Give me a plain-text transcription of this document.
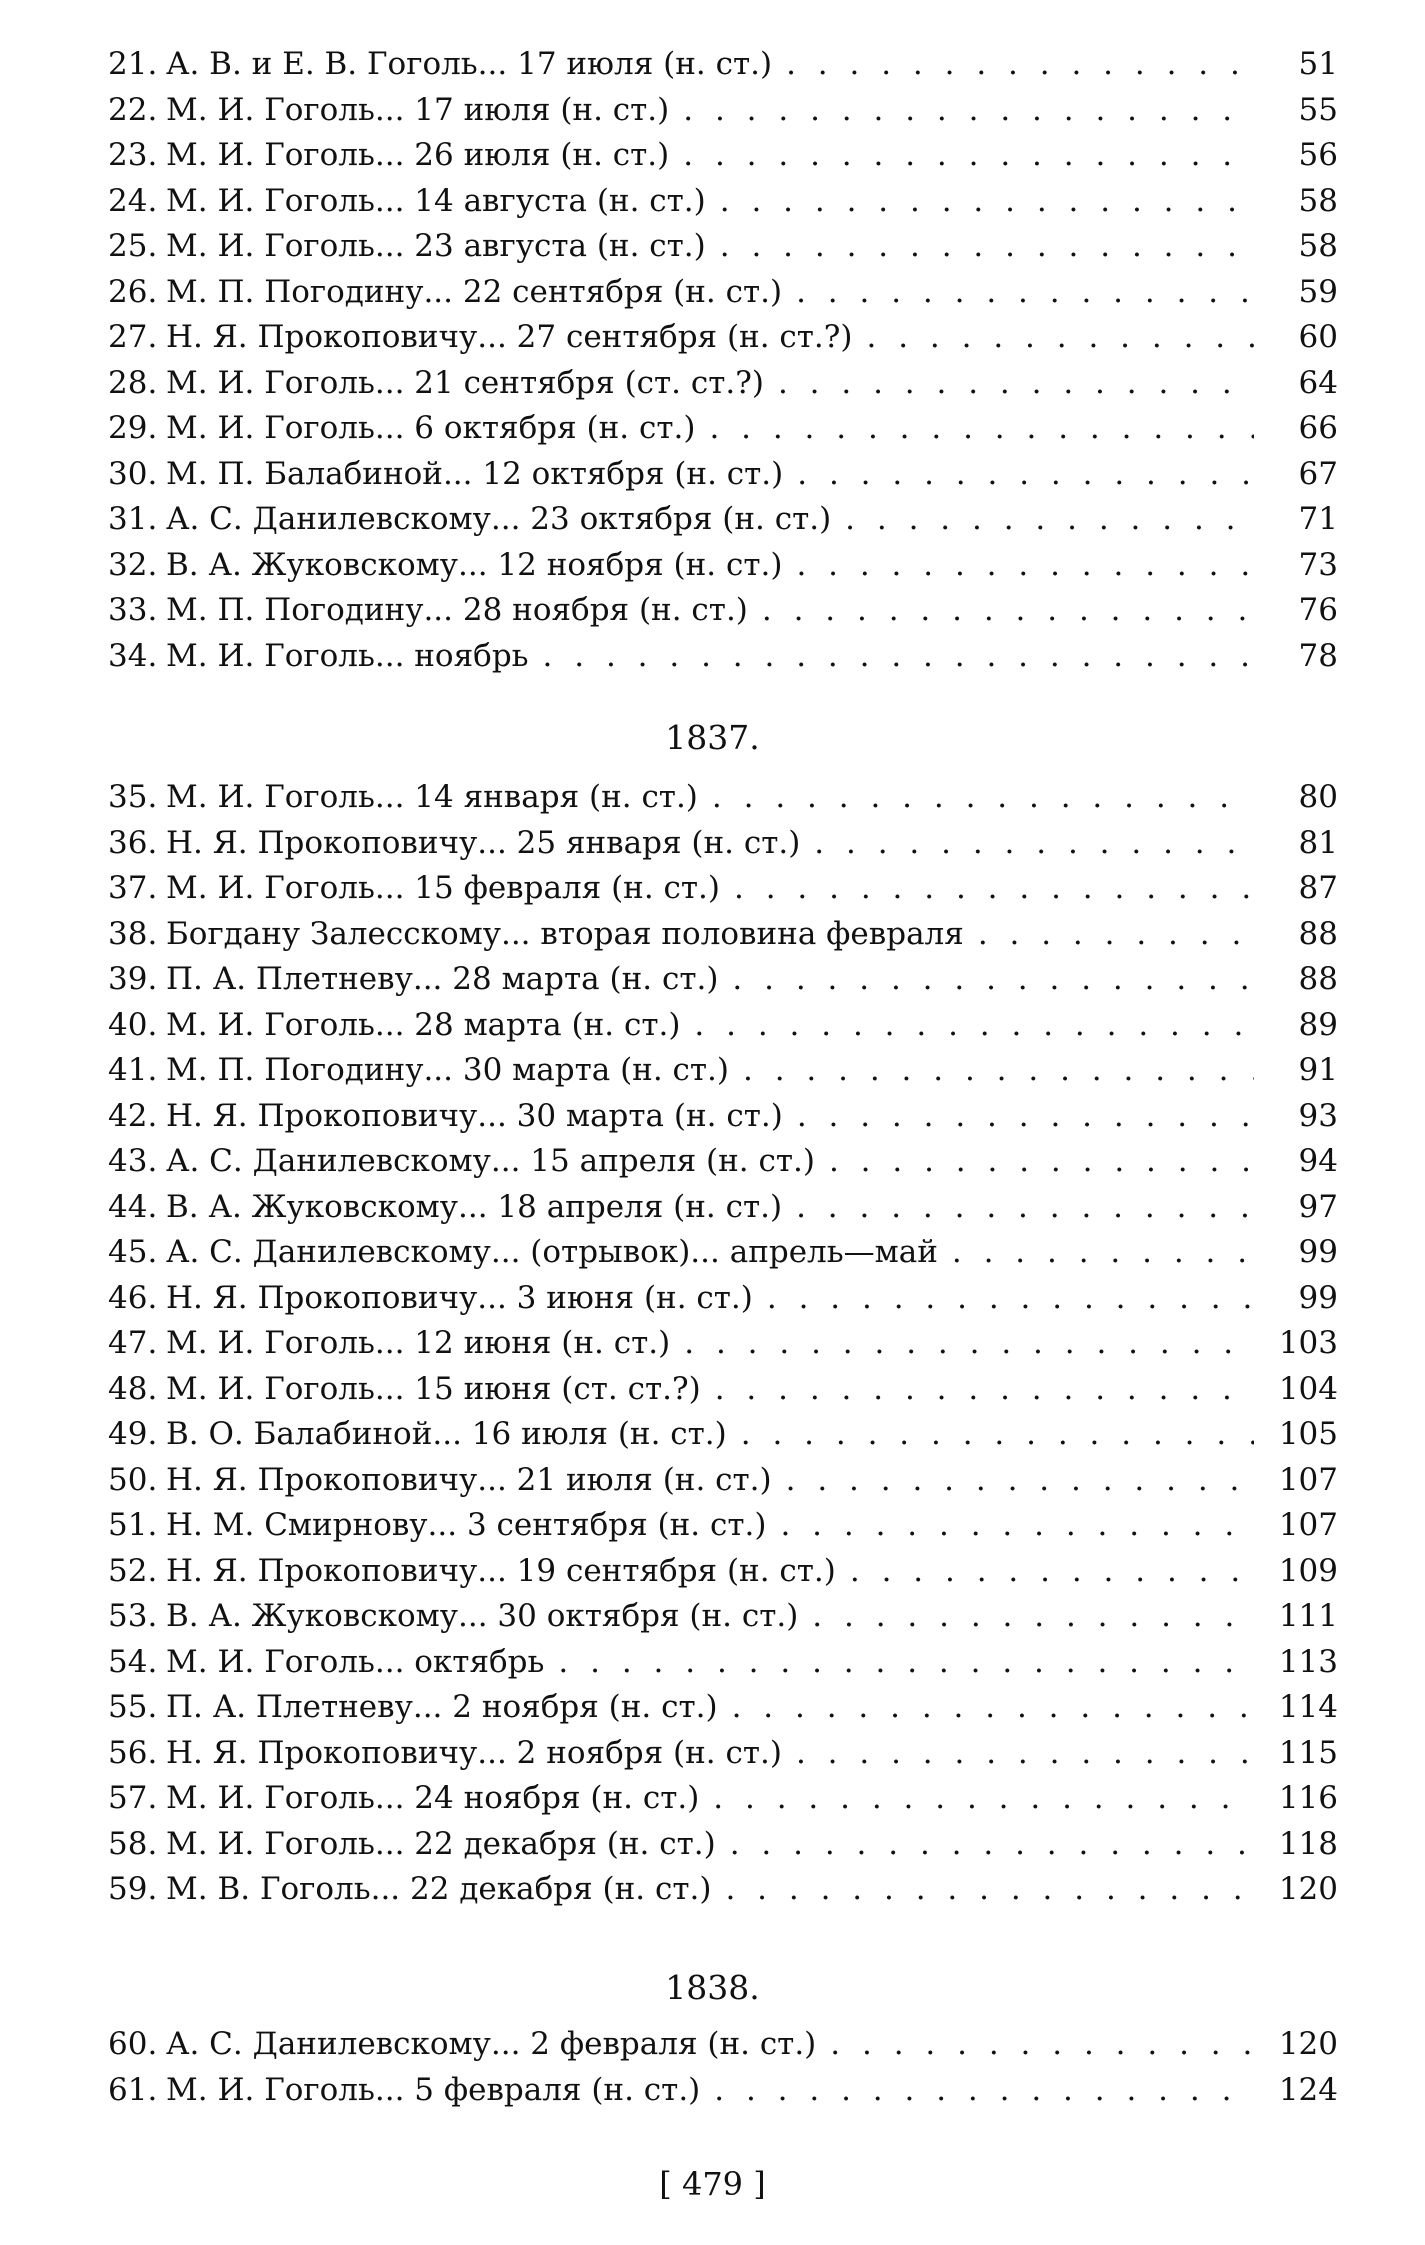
21. А. В. и Е. В. Гоголь... 17 июля (н. ст.) . . .	51
22. М. И. Гоголь... 17 июля (н. ст.) . . .	55
23. М. И. Гоголь... 26 июля (н. ст.) . . .	56
24. М. И. Гоголь... 14 августа (н. ст.) . . .	58
25. М. И. Гоголь... 23 августа (н. ст.) . . .	58
26. М. П. Погодину... 22 сентября (н. ст.) . . .	59
27. Н. Я. Прокоповичу... 27 сентября (н. ст.?) . . .	60
28. М. И. Гоголь... 21 сентября (ст. ст.?) . . .	64
29. М. И. Гоголь... 6 октября (н. ст.) . . .	66
30. М. П. Балабиной... 12 октября (н. ст.) . . .	67
31. А. С. Данилевскому... 23 октября (н. ст.) . . .	71
32. В. А. Жуковскому... 12 ноября (н. ст.) . . .	73
33. М. П. Погодину... 28 ноября (н. ст.) . . .	76
34. М. И. Гоголь... ноябрь . . .	78
1837.
35. М. И. Гоголь... 14 января (н. ст.) . . .	80
36. Н. Я. Прокоповичу... 25 января (н. ст.) . . .	81
37. М. И. Гоголь... 15 февраля (н. ст.) . . .	87
38. Богдану Залесскому... вторая половина февраля . . .	88
39. П. А. Плетневу... 28 марта (н. ст.) . . .	88
40. М. И. Гоголь... 28 марта (н. ст.) . . .	89
41. М. П. Погодину... 30 марта (н. ст.) . . .	91
42. Н. Я. Прокоповичу... 30 марта (н. ст.) . . .	93
43. А. С. Данилевскому... 15 апреля (н. ст.) . . .	94
44. В. А. Жуковскому... 18 апреля (н. ст.) . . .	97
45. А. С. Данилевскому... (отрывок)... апрель—май . . .	99
46. Н. Я. Прокоповичу... 3 июня (н. ст.) . . .	99
47. М. И. Гоголь... 12 июня (н. ст.) . . .	103
48. М. И. Гоголь... 15 июня (ст. ст.?) . . .	104
49. В. О. Балабиной... 16 июля (н. ст.) . . .	105
50. Н. Я. Прокоповичу... 21 июля (н. ст.) . . .	107
51. Н. М. Смирнову... 3 сентября (н. ст.) . . .	107
52. Н. Я. Прокоповичу... 19 сентября (н. ст.) . . .	109
53. В. А. Жуковскому... 30 октября (н. ст.) . . .	111
54. М. И. Гоголь... октябрь . . .	113
55. П. А. Плетневу... 2 ноября (н. ст.) . . .	114
56. Н. Я. Прокоповичу... 2 ноября (н. ст.) . . .	115
57. М. И. Гоголь... 24 ноября (н. ст.) . . .	116
58. М. И. Гоголь... 22 декабря (н. ст.) . . .	118
59. М. В. Гоголь... 22 декабря (н. ст.) . . .	120
1838.
60. А. С. Данилевскому... 2 февраля (н. ст.) . . .	120
61. М. И. Гоголь... 5 февраля (н. ст.) . . .	124
[ 479 ]
